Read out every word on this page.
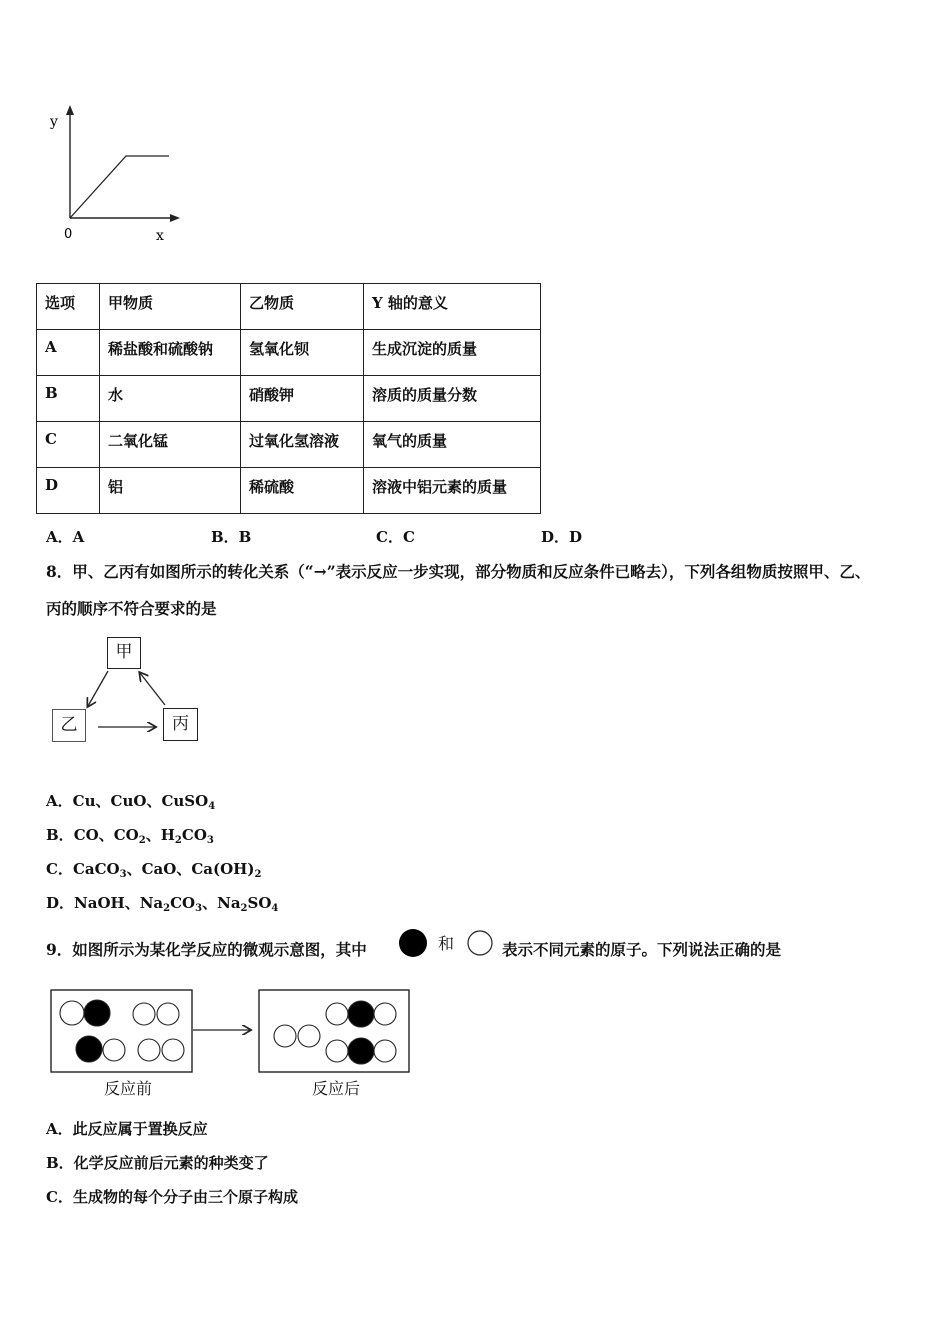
y
x
0
选项	甲物质	乙物质	Y 轴的意义
A	稀盐酸和硫酸钠	氢氧化钡	生成沉淀的质量
B	水	硝酸钾	溶质的质量分数
C	二氧化锰	过氧化氢溶液	氧气的质量
D	铝	稀硫酸	溶液中铝元素的质量
A．A	B．B	C．C	D．D
8．甲、乙丙有如图所示的转化关系（“→”表示反应一步实现，部分物质和反应条件已略去），下列各组物质按照甲、乙、
丙的顺序不符合要求的是
甲
乙	丙
A．Cu、CuO、CuSO$_4$
B．CO、$CO_2$、$H_2CO_3$
C．CaCO$_3$、CaO、$Ca(OH)_2$
D．NaOH、$Na_2CO_3$、$Na_2SO_4$
9．如图所示为某化学反应的微观示意图，其中	和	表示不同元素的原子。下列说法正确的是
反应前	反应后
A．此反应属于置换反应
B．化学反应前后元素的种类变了
C．生成物的每个分子由三个原子构成
